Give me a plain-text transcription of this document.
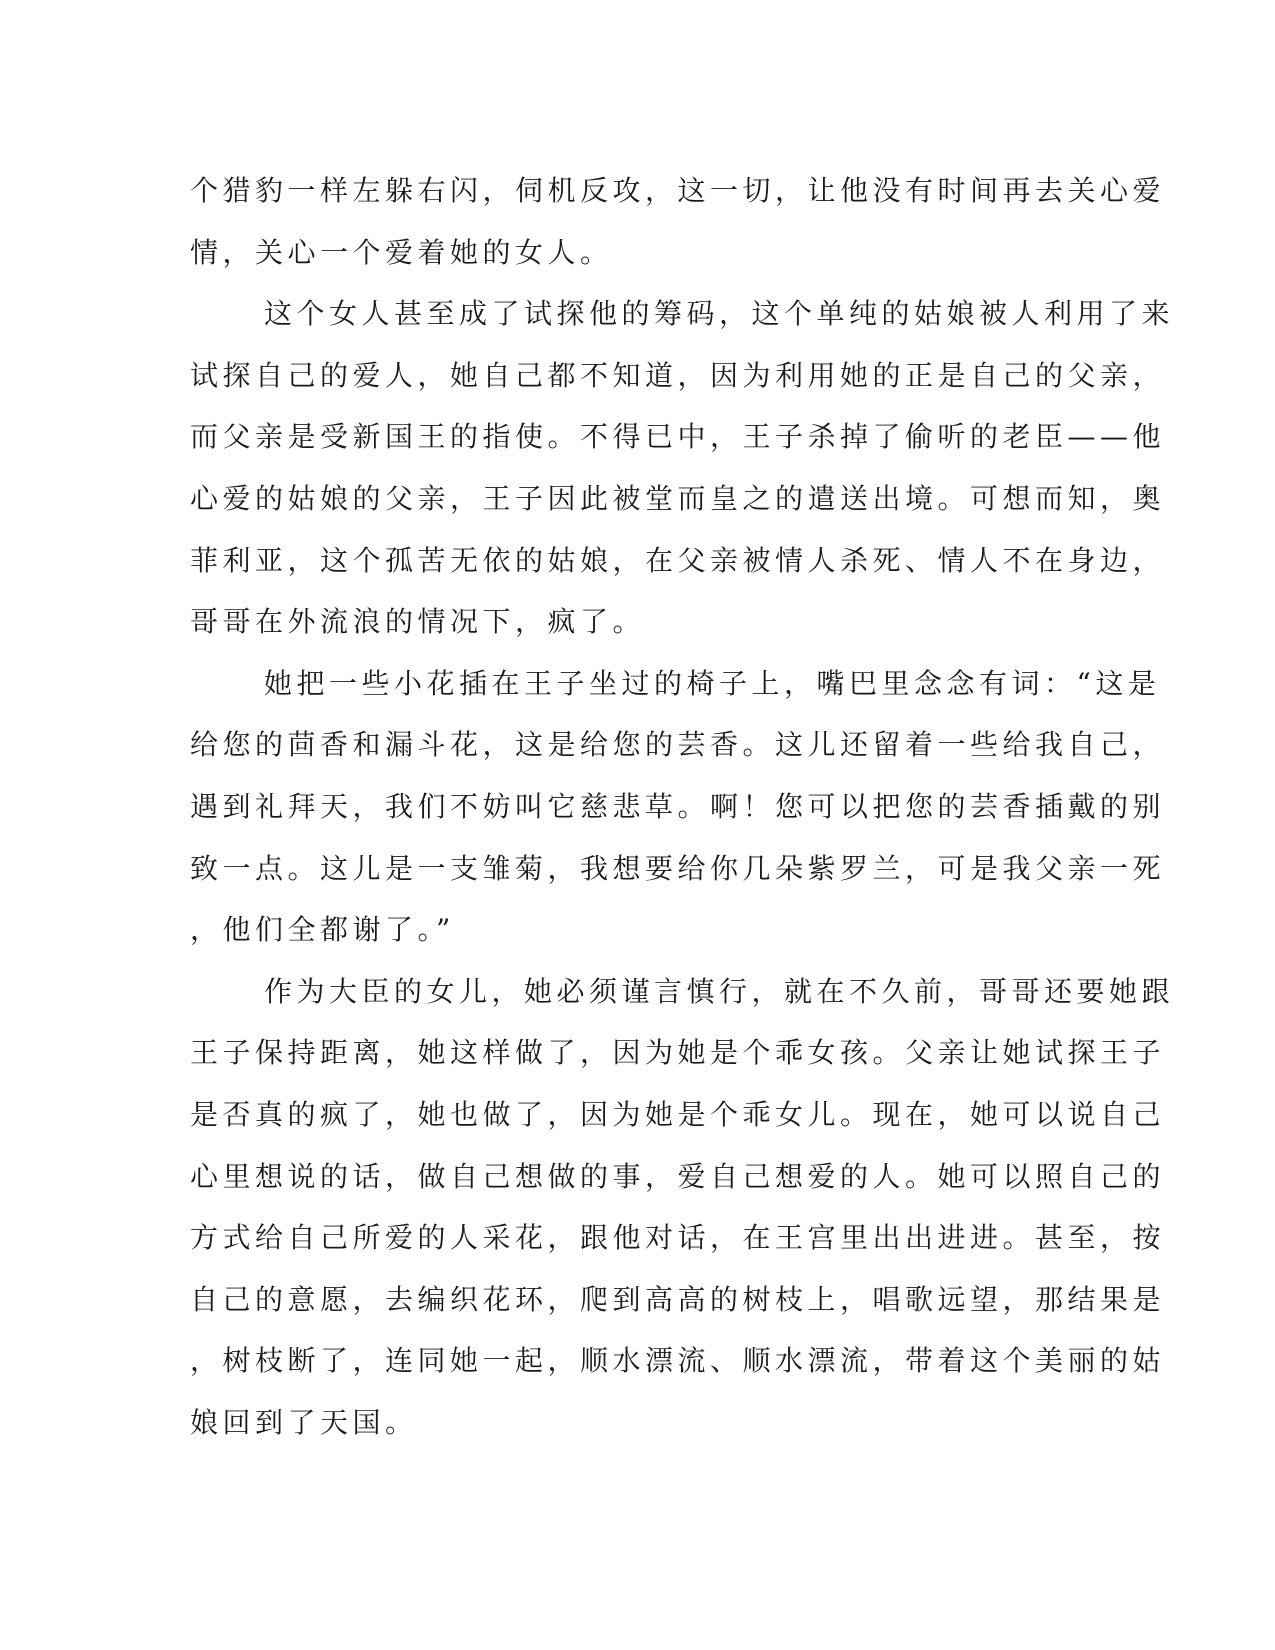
个猎豹一样左躲右闪，伺机反攻，这一切，让他没有时间再去关心爱
情，关心一个爱着她的女人。
这个女人甚至成了试探他的筹码，这个单纯的姑娘被人利用了来
试探自己的爱人，她自己都不知道，因为利用她的正是自己的父亲，
而父亲是受新国王的指使。不得已中，王子杀掉了偷听的老臣——他
心爱的姑娘的父亲，王子因此被堂而皇之的遣送出境。可想而知，奥
菲利亚，这个孤苦无依的姑娘，在父亲被情人杀死、情人不在身边，
哥哥在外流浪的情况下，疯了。
她把一些小花插在王子坐过的椅子上，嘴巴里念念有词：“这是
给您的茴香和漏斗花，这是给您的芸香。这儿还留着一些给我自己，
遇到礼拜天，我们不妨叫它慈悲草。啊！您可以把您的芸香插戴的别
致一点。这儿是一支雏菊，我想要给你几朵紫罗兰，可是我父亲一死
，他们全都谢了。”
作为大臣的女儿，她必须谨言慎行，就在不久前，哥哥还要她跟
王子保持距离，她这样做了，因为她是个乖女孩。父亲让她试探王子
是否真的疯了，她也做了，因为她是个乖女儿。现在，她可以说自己
心里想说的话，做自己想做的事，爱自己想爱的人。她可以照自己的
方式给自己所爱的人采花，跟他对话，在王宫里出出进进。甚至，按
自己的意愿，去编织花环，爬到高高的树枝上，唱歌远望，那结果是
，树枝断了，连同她一起，顺水漂流、顺水漂流，带着这个美丽的姑
娘回到了天国。
